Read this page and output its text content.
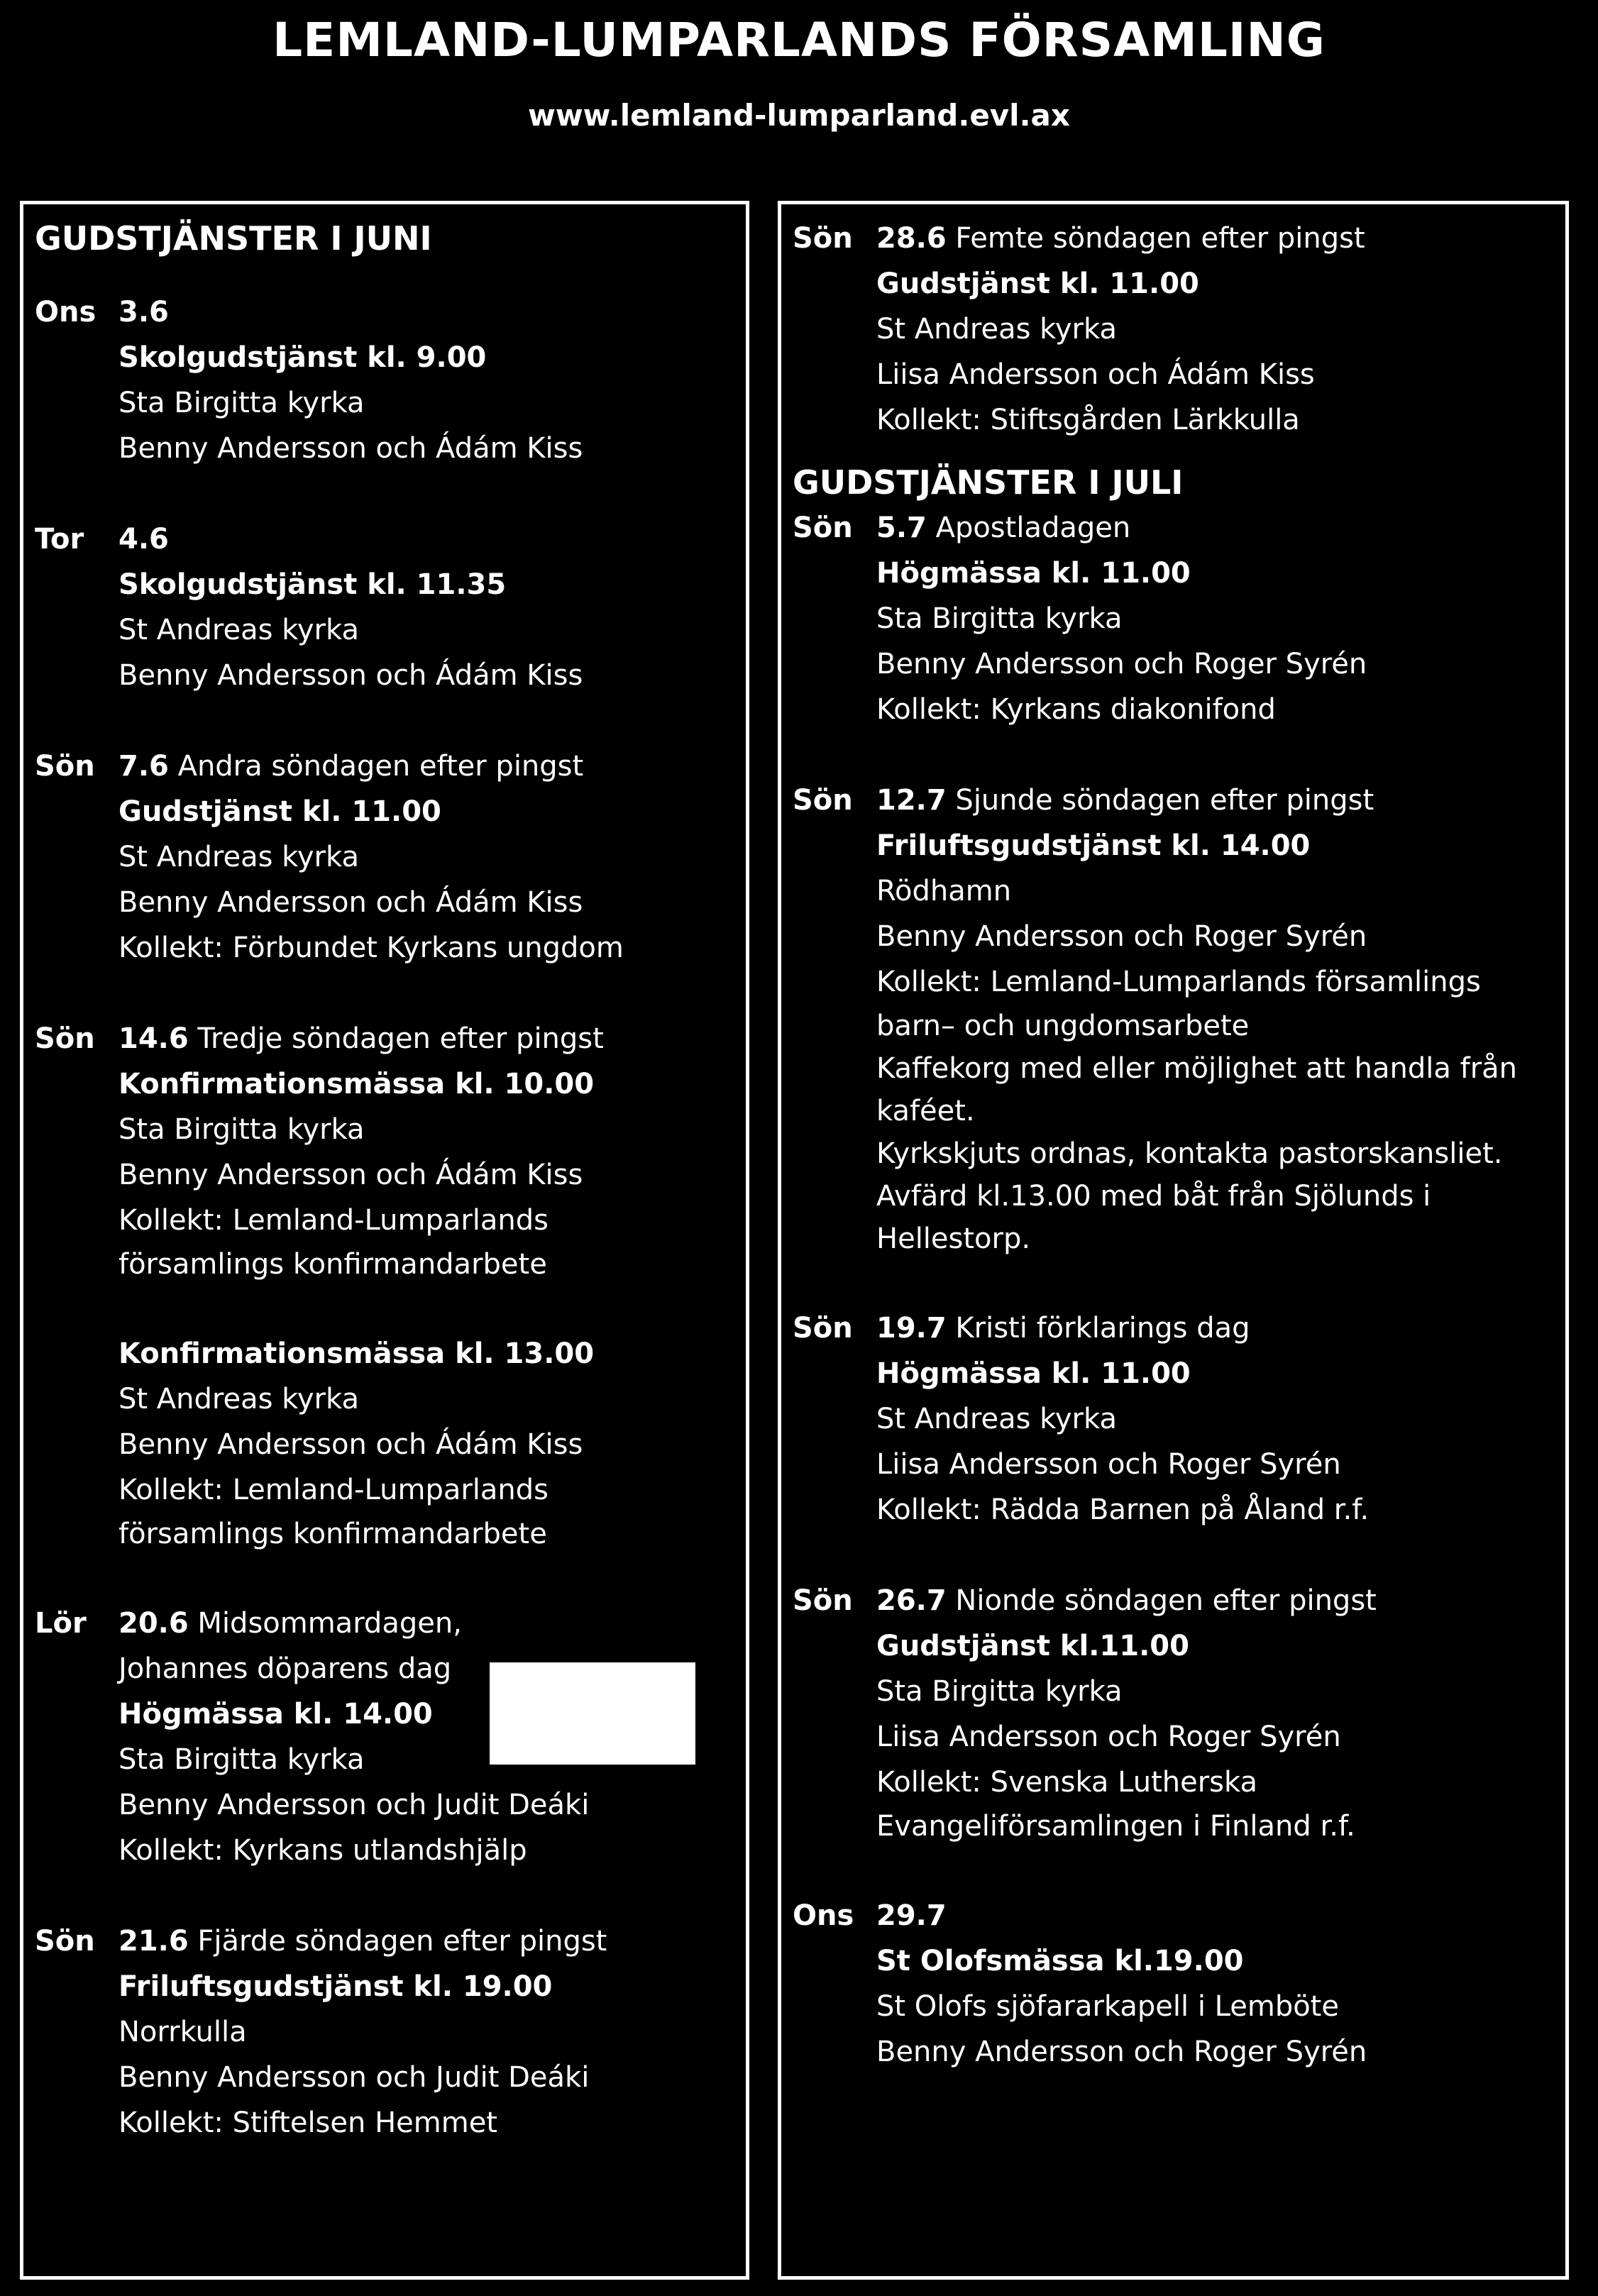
LEMLAND-LUMPARLANDS FÖRSAMLING
www.lemland-lumparland.evl.ax
GUDSTJÄNSTER I JUNI
Ons 3.6
Skolgudstjänst kl. 9.00
Sta Birgitta kyrka
Benny Andersson och Ádám Kiss
Tor	4.6
Skolgudstjänst kl. 11.35
St Andreas kyrka
Benny Andersson och Ádám Kiss
Sön 7.6 Andra söndagen efter pingst
Gudstjänst kl. 11.00
St Andreas kyrka
Benny Andersson och Ádám Kiss
Kollekt: Förbundet Kyrkans ungdom
Sön 14.6 Tredje söndagen efter pingst
Konfirmationsmässa kl. 10.00
Sta Birgitta kyrka
Benny Andersson och Ádám Kiss
Kollekt: Lemland-Lumparlands
församlings konfirmandarbete
Konfirmationsmässa kl. 13.00
St Andreas kyrka
Benny Andersson och Ádám Kiss
Kollekt: Lemland-Lumparlands
församlings konfirmandarbete
Lör	20.6 Midsommardagen,
Johannes döparens dag
Högmässa kl. 14.00
Sta Birgitta kyrka
Benny Andersson och Judit Deáki
Kollekt: Kyrkans utlandshjälp
Sön 21.6 Fjärde söndagen efter pingst
Friluftsgudstjänst kl. 19.00
Norrkulla
Benny Andersson och Judit Deáki
Kollekt: Stiftelsen Hemmet
Sön 28.6 Femte söndagen efter pingst
Gudstjänst kl. 11.00
St Andreas kyrka
Liisa Andersson och Ádám Kiss
Kollekt: Stiftsgården Lärkkulla
GUDSTJÄNSTER I JULI
Sön 5.7 Apostladagen
Högmässa kl. 11.00
Sta Birgitta kyrka
Benny Andersson och Roger Syrén
Kollekt: Kyrkans diakonifond
Sön 12.7 Sjunde söndagen efter pingst
Friluftsgudstjänst kl. 14.00
Rödhamn
Benny Andersson och Roger Syrén
Kollekt: Lemland-Lumparlands församlings
barn– och ungdomsarbete
Kaffekorg med eller möjlighet att handla från
kaféet.
Kyrkskjuts ordnas, kontakta pastorskansliet.
Avfärd kl.13.00 med båt från Sjölunds i
Hellestorp.
Sön 19.7 Kristi förklarings dag
Högmässa kl. 11.00
St Andreas kyrka
Liisa Andersson och Roger Syrén
Kollekt: Rädda Barnen på Åland r.f.
Sön 26.7 Nionde söndagen efter pingst
Gudstjänst kl.11.00
Sta Birgitta kyrka
Liisa Andersson och Roger Syrén
Kollekt: Svenska Lutherska
Evangeliförsamlingen i Finland r.f.
Ons 29.7
St Olofsmässa kl.19.00
St Olofs sjöfararkapell i Lemböte
Benny Andersson och Roger Syrén
